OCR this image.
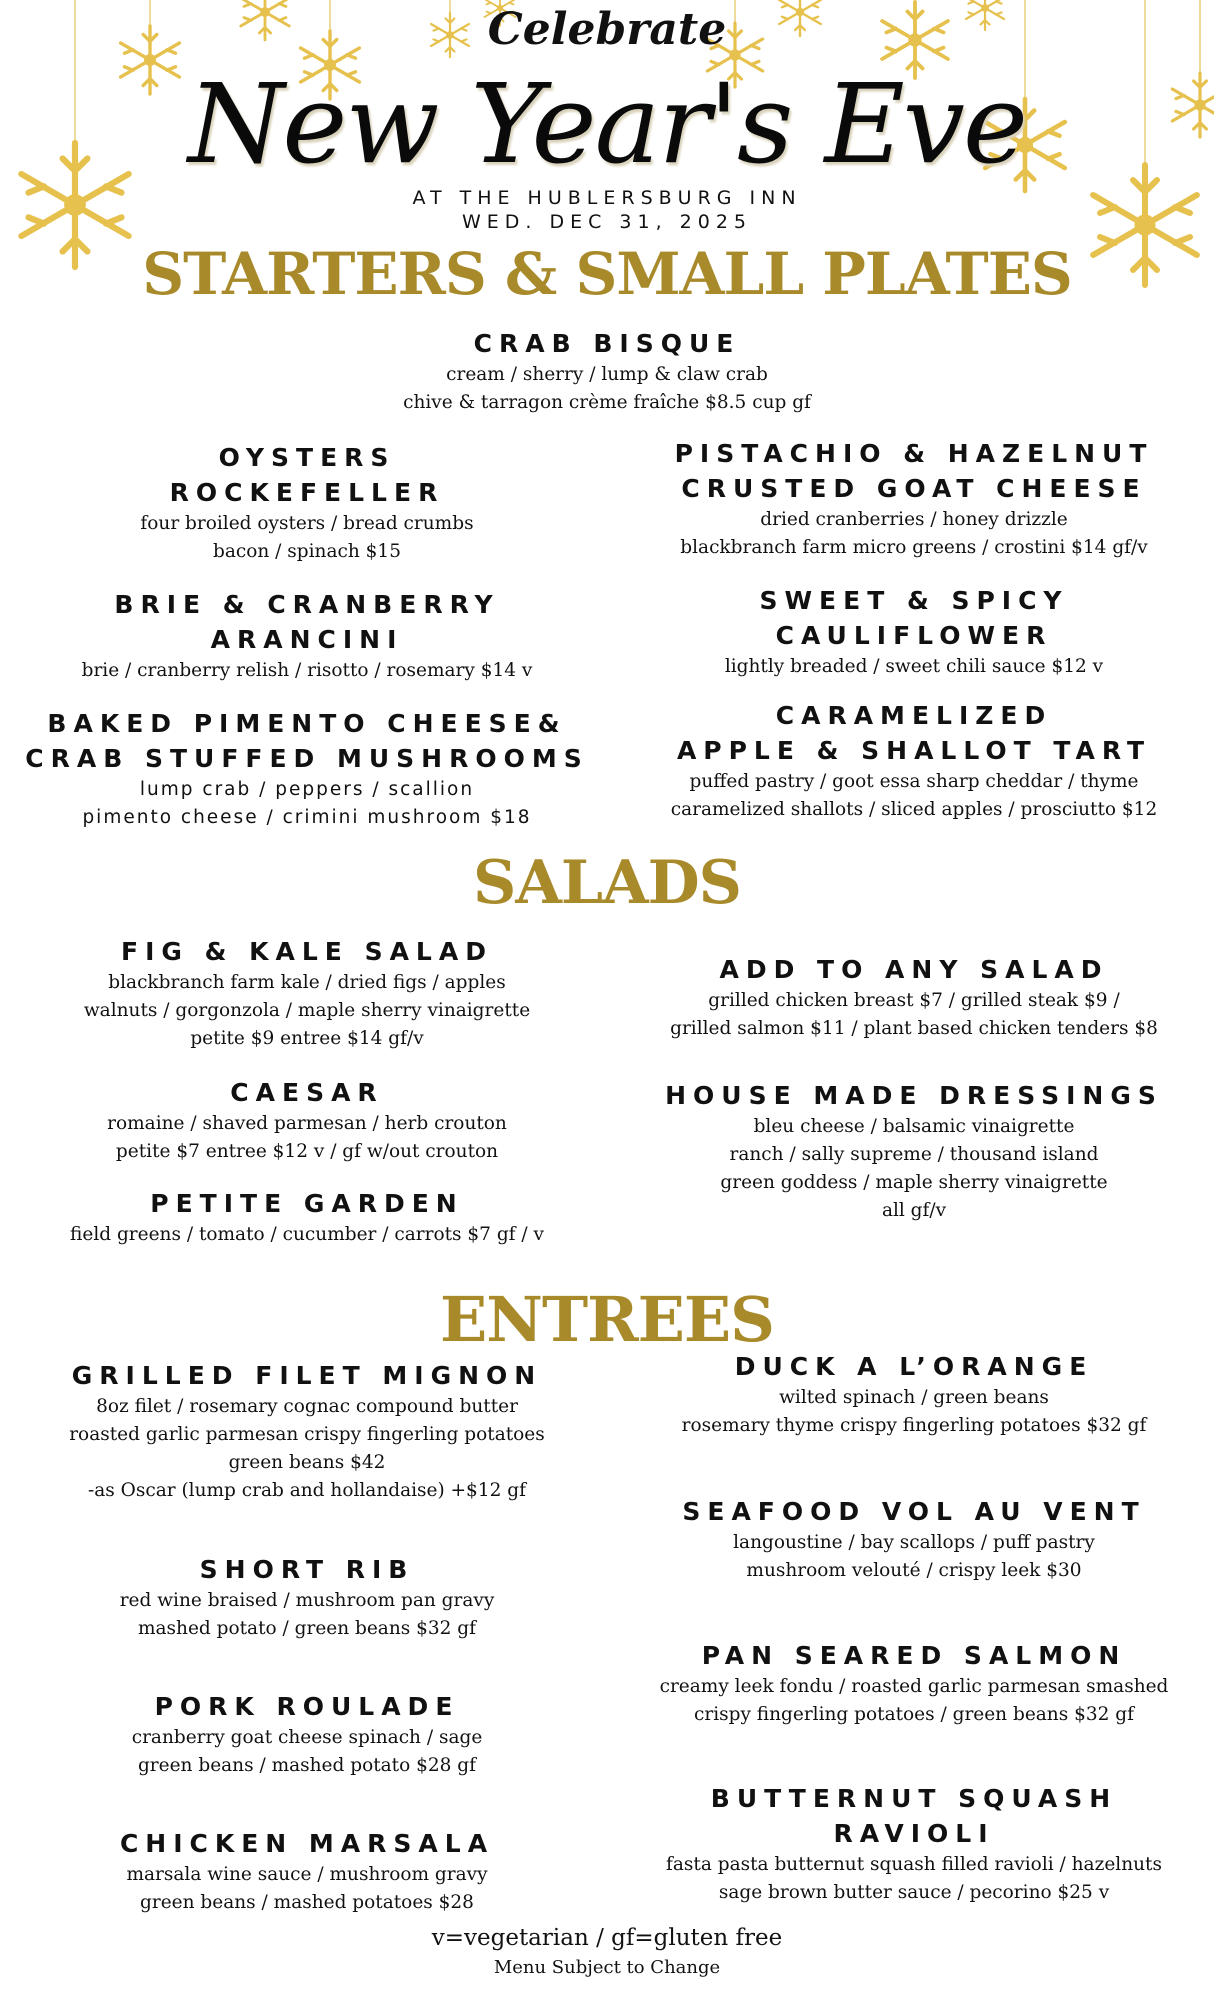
Celebrate
New Year's Eve
AT THE HUBLERSBURG INN
WED. DEC 31, 2025
STARTERS & SMALL PLATES
CRAB BISQUE
cream / sherry / lump & claw crab
chive & tarragon crème fraîche $8.5 cup gf
OYSTERS
ROCKEFELLER
four broiled oysters / bread crumbs
bacon / spinach $15
BRIE & CRANBERRY
ARANCINI
brie / cranberry relish / risotto / rosemary $14 v
BAKED PIMENTO CHEESE&
CRAB STUFFED MUSHROOMS
lump crab / peppers / scallion
pimento cheese / crimini mushroom $18
PISTACHIO & HAZELNUT
CRUSTED GOAT CHEESE
dried cranberries / honey drizzle
blackbranch farm micro greens / crostini $14 gf/v
SWEET & SPICY
CAULIFLOWER
lightly breaded / sweet chili sauce $12 v
CARAMELIZED
APPLE & SHALLOT TART
puffed pastry / goot essa sharp cheddar / thyme
caramelized shallots / sliced apples / prosciutto $12
SALADS
FIG & KALE SALAD
blackbranch farm kale / dried figs / apples
walnuts / gorgonzola / maple sherry vinaigrette
petite $9 entree $14 gf/v
CAESAR
romaine / shaved parmesan / herb crouton
petite $7 entree $12 v / gf w/out crouton
PETITE GARDEN
field greens / tomato / cucumber / carrots $7 gf / v
ADD TO ANY SALAD
grilled chicken breast $7 / grilled steak $9 /
grilled salmon $11 / plant based chicken tenders $8
HOUSE MADE DRESSINGS
bleu cheese / balsamic vinaigrette
ranch / sally supreme / thousand island
green goddess / maple sherry vinaigrette
all gf/v
ENTREES
GRILLED FILET MIGNON
8oz filet / rosemary cognac compound butter
roasted garlic parmesan crispy fingerling potatoes
green beans $42
-as Oscar (lump crab and hollandaise) +$12 gf
SHORT RIB
red wine braised / mushroom pan gravy
mashed potato / green beans $32 gf
PORK ROULADE
cranberry goat cheese spinach / sage
green beans / mashed potato $28 gf
CHICKEN MARSALA
marsala wine sauce / mushroom gravy
green beans / mashed potatoes $28
DUCK A L’ORANGE
wilted spinach / green beans
rosemary thyme crispy fingerling potatoes $32 gf
SEAFOOD VOL AU VENT
langoustine / bay scallops / puff pastry
mushroom velouté / crispy leek $30
PAN SEARED SALMON
creamy leek fondu / roasted garlic parmesan smashed
crispy fingerling potatoes / green beans $32 gf
BUTTERNUT SQUASH
RAVIOLI
fasta pasta butternut squash filled ravioli / hazelnuts
sage brown butter sauce / pecorino $25 v
v=vegetarian / gf=gluten free
Menu Subject to Change
